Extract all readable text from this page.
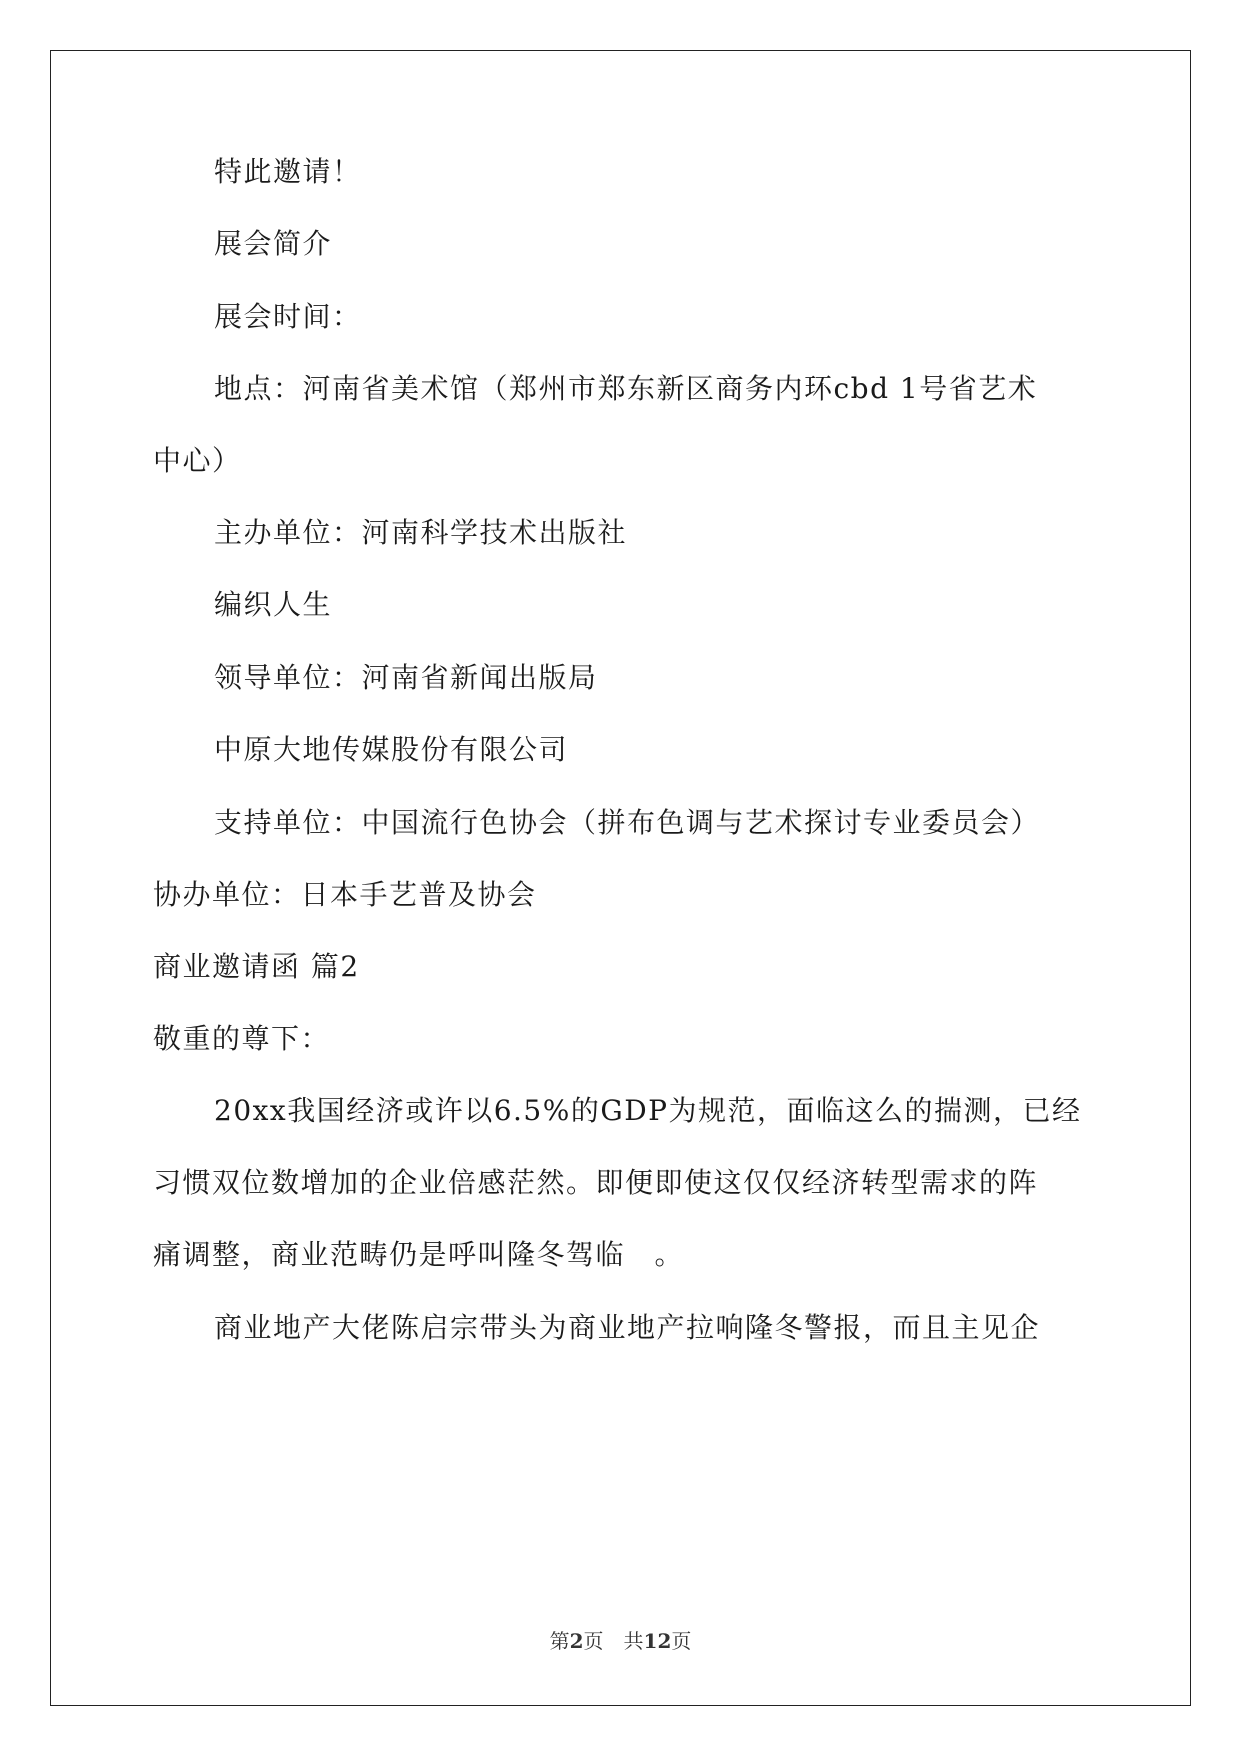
特此邀请！
展会简介
展会时间：
地点：河南省美术馆（郑州市郑东新区商务内环cbd 1号省艺术
中心）
主办单位：河南科学技术出版社
编织人生
领导单位：河南省新闻出版局
中原大地传媒股份有限公司
支持单位：中国流行色协会（拼布色调与艺术探讨专业委员会）
协办单位：日本手艺普及协会
商业邀请函 篇2
敬重的尊下：
20xx我国经济或许以6.5%的GDP为规范，面临这么的揣测，已经
习惯双位数增加的企业倍感茫然。即便即使这仅仅经济转型需求的阵
痛调整，商业范畴仍是呼叫隆冬驾临　。
商业地产大佬陈启宗带头为商业地产拉响隆冬警报，而且主见企
第2页　共12页
